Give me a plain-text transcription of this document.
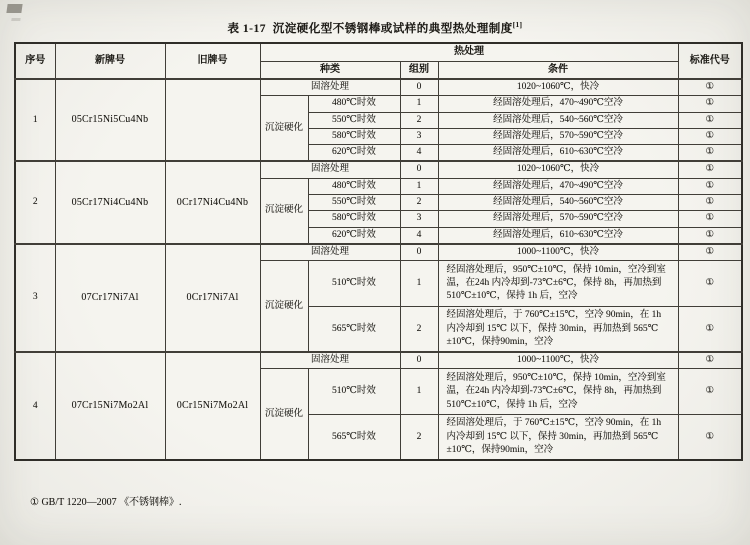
表 1-17 沉淀硬化型不锈钢棒或试样的典型热处理制度[1]
序号	新牌号	旧牌号	热处理				标准代号
			种类		组别	条件	
1	05Cr15Ni5Cu4Nb		固溶处理		0	1020~1060℃，快冷	①
			沉淀硬化	480℃时效	1	经固溶处理后，470~490℃空冷	①
				550℃时效	2	经固溶处理后，540~560℃空冷	①
				580℃时效	3	经固溶处理后，570~590℃空冷	①
				620℃时效	4	经固溶处理后，610~630℃空冷	①
2	05Cr17Ni4Cu4Nb	0Cr17Ni4Cu4Nb	固溶处理		0	1020~1060℃，快冷	①
			沉淀硬化	480℃时效	1	经固溶处理后，470~490℃空冷	①
				550℃时效	2	经固溶处理后，540~560℃空冷	①
				580℃时效	3	经固溶处理后，570~590℃空冷	①
				620℃时效	4	经固溶处理后，610~630℃空冷	①
3	07Cr17Ni7Al	0Cr17Ni7Al	固溶处理		0	1000~1100℃，快冷	①
			沉淀硬化	510℃时效	1	经固溶处理后，950℃±10℃，保持 10min，空冷到室温，在24h 内冷却到-73℃±6℃，保持 8h，再加热到 510℃±10℃，保持 1h 后，空冷	①
				565℃时效	2	经固溶处理后，于 760℃±15℃，空冷 90min，在 1h 内冷却到 15℃ 以下，保持 30min，再加热到 565℃±10℃，保持90min，空冷	①
4	07Cr15Ni7Mo2Al	0Cr15Ni7Mo2Al	固溶处理		0	1000~1100℃，快冷	①
			沉淀硬化	510℃时效	1	经固溶处理后，950℃±10℃，保持 10min，空冷到室温，在24h 内冷却到-73℃±6℃，保持 8h，再加热到 510℃±10℃，保持 1h 后，空冷	①
				565℃时效	2	经固溶处理后，于 760℃±15℃，空冷 90min，在 1h 内冷却到 15℃ 以下，保持 30min，再加热到 565℃±10℃，保持90min，空冷	①
① GB/T 1220—2007 《不锈钢棒》.
